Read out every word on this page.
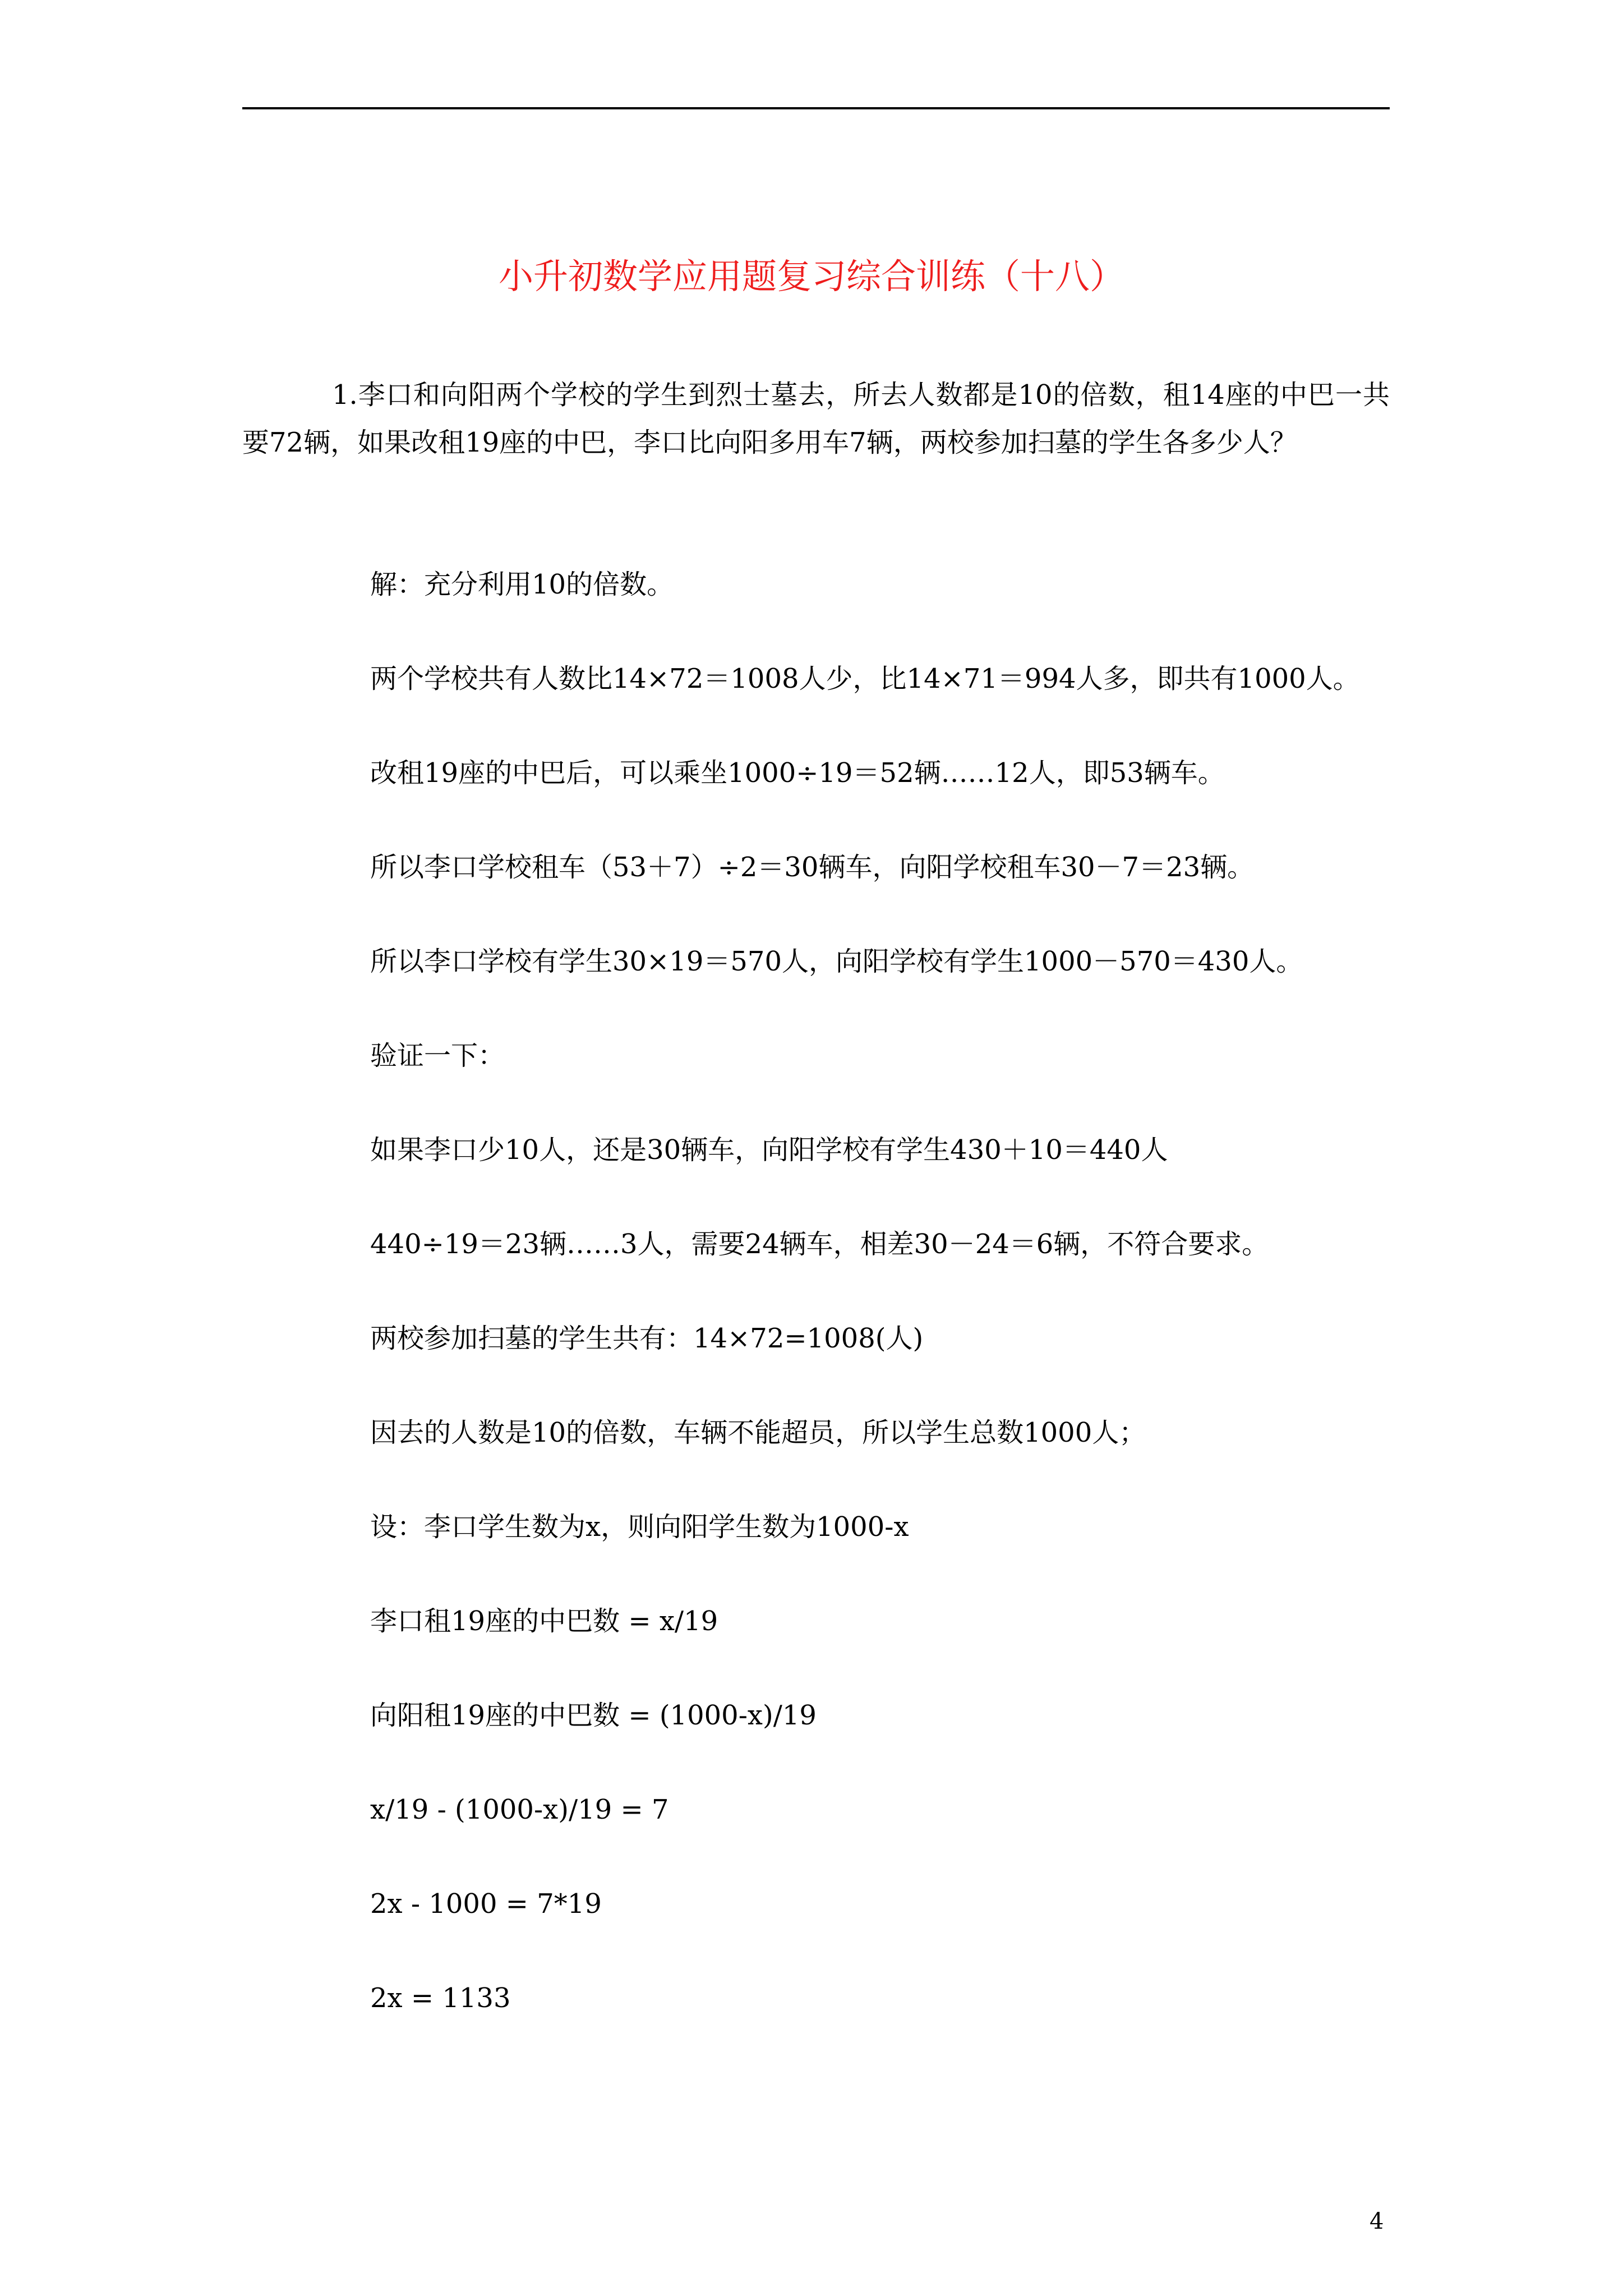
小升初数学应用题复习综合训练（十八）
1.李口和向阳两个学校的学生到烈士墓去，所去人数都是10的倍数，租14座的中巴一共要72辆，如果改租19座的中巴，李口比向阳多用车7辆，两校参加扫墓的学生各多少人？
解：充分利用10的倍数。
两个学校共有人数比14×72＝1008人少，比14×71＝994人多，即共有1000人。
改租19座的中巴后，可以乘坐1000÷19＝52辆……12人，即53辆车。
所以李口学校租车（53＋7）÷2＝30辆车，向阳学校租车30－7＝23辆。
所以李口学校有学生30×19＝570人，向阳学校有学生1000－570＝430人。
验证一下：
如果李口少10人，还是30辆车，向阳学校有学生430＋10＝440人
440÷19＝23辆……3人，需要24辆车，相差30－24＝6辆，不符合要求。
两校参加扫墓的学生共有：14×72=1008(人)
因去的人数是10的倍数，车辆不能超员，所以学生总数1000人；
设：李口学生数为x，则向阳学生数为1000-x
李口租19座的中巴数 = x/19
向阳租19座的中巴数 = (1000-x)/19
x/19 - (1000-x)/19 = 7
2x - 1000 = 7*19
2x = 1133
4
